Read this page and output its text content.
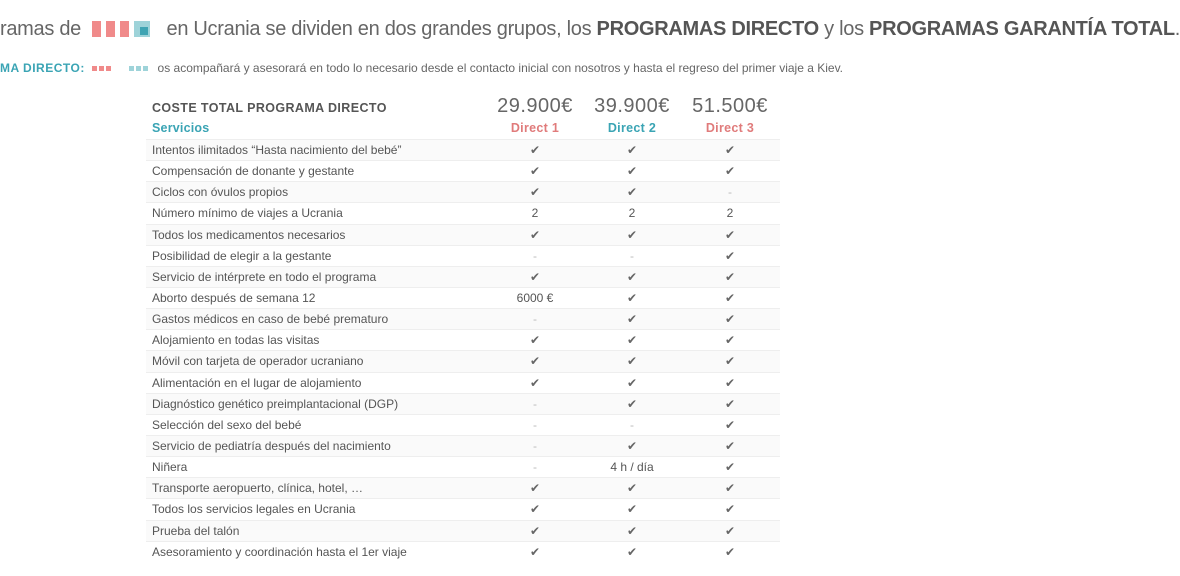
ramas de	en Ucrania se dividen en dos grandes grupos, los PROGRAMAS DIRECTO y los PROGRAMAS GARANTÍA TOTAL.
MA DIRECTO:	os acompañará y asesorará en todo lo necesario desde el contacto inicial con nosotros y hasta el regreso del primer viaje a Kiev.
COSTE TOTAL PROGRAMA DIRECTO	29.900€	39.900€	51.500€
Servicios	Direct 1	Direct 2	Direct 3
Intentos ilimitados “Hasta nacimiento del bebé”	✔	✔	✔
Compensación de donante y gestante	✔	✔	✔
Ciclos con óvulos propios	✔	✔	-
Número mínimo de viajes a Ucrania	2	2	2
Todos los medicamentos necesarios	✔	✔	✔
Posibilidad de elegir a la gestante	-	-	✔
Servicio de intérprete en todo el programa	✔	✔	✔
Aborto después de semana 12	6000 €	✔	✔
Gastos médicos en caso de bebé prematuro	-	✔	✔
Alojamiento en todas las visitas	✔	✔	✔
Móvil con tarjeta de operador ucraniano	✔	✔	✔
Alimentación en el lugar de alojamiento	✔	✔	✔
Diagnóstico genético preimplantacional (DGP)	-	✔	✔
Selección del sexo del bebé	-	-	✔
Servicio de pediatría después del nacimiento	-	✔	✔
Niñera	-	4 h / día	✔
Transporte aeropuerto, clínica, hotel, …	✔	✔	✔
Todos los servicios legales en Ucrania	✔	✔	✔
Prueba del talón	✔	✔	✔
Asesoramiento y coordinación hasta el 1er viaje	✔	✔	✔
